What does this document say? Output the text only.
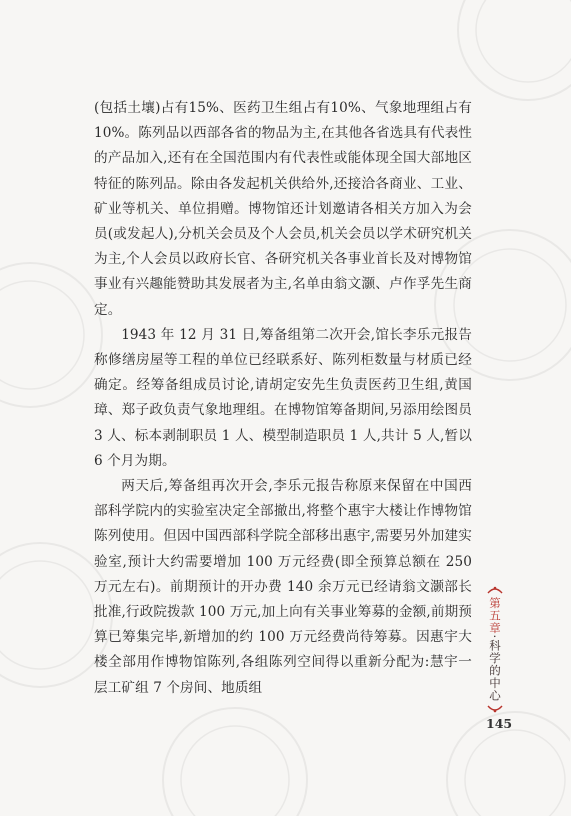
(包括土壤)占有15%、医药卫生组占有10%、气象地理组占有10%。陈列品以西部各省的物品为主,在其他各省选具有代表性的产品加入,还有在全国范围内有代表性或能体现全国大部地区特征的陈列品。除由各发起机关供给外,还接洽各商业、工业、矿业等机关、单位捐赠。博物馆还计划邀请各相关方加入为会员(或发起人),分机关会员及个人会员,机关会员以学术研究机关为主,个人会员以政府长官、各研究机关各事业首长及对博物馆事业有兴趣能赞助其发展者为主,名单由翁文灏、卢作孚先生商定。

1943 年 12 月 31 日,筹备组第二次开会,馆长李乐元报告称修缮房屋等工程的单位已经联系好、陈列柜数量与材质已经确定。经筹备组成员讨论,请胡定安先生负责医药卫生组,黄国璋、郑子政负责气象地理组。在博物馆筹备期间,另添用绘图员 3 人、标本剥制职员 1 人、模型制造职员 1 人,共计 5 人,暂以 6 个月为期。

两天后,筹备组再次开会,李乐元报告称原来保留在中国西部科学院内的实验室决定全部撤出,将整个惠宇大楼让作博物馆陈列使用。但因中国西部科学院全部移出惠宇,需要另外加建实验室,预计大约需要增加 100 万元经费(即全预算总额在 250 万元左右)。前期预计的开办费 140 余万元已经请翁文灏部长批准,行政院拨款 100 万元,加上向有关事业筹募的金额,前期预算已筹集完毕,新增加的约 100 万元经费尚待筹募。因惠宇大楼全部用作博物馆陈列,各组陈列空间得以重新分配为:慧宇一层工矿组 7 个房间、地质组

第五章·科学的中心
145
